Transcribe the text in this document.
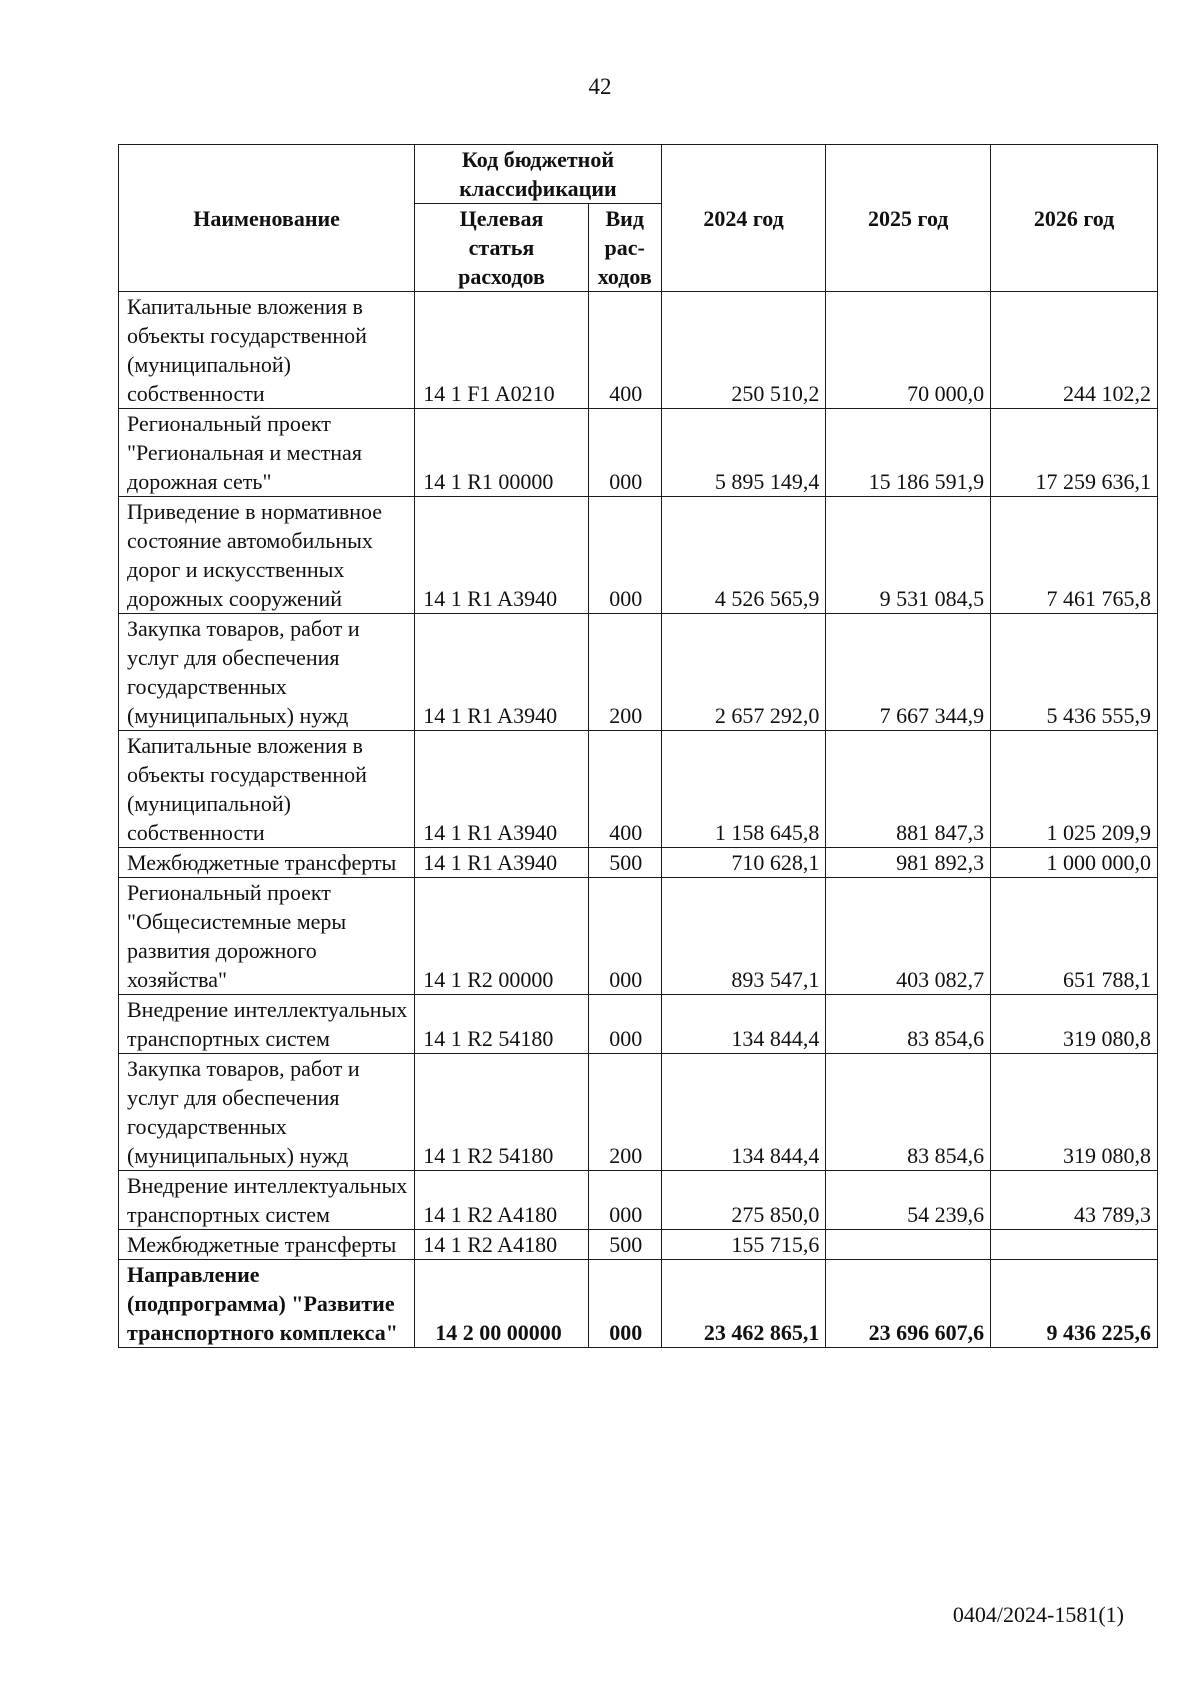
42
Наименование	Код бюджетной классификации		2024 год	2025 год	2026 год
	Целевая статья расходов	Вид рас-ходов			
Капитальные вложения в объекты государственной (муниципальной) собственности	14 1 F1 A0210	400	250 510,2	70 000,0	244 102,2
Региональный проект "Региональная и местная дорожная сеть"	14 1 R1 00000	000	5 895 149,4	15 186 591,9	17 259 636,1
Приведение в нормативное состояние автомобильных дорог и искусственных дорожных сооружений	14 1 R1 A3940	000	4 526 565,9	9 531 084,5	7 461 765,8
Закупка товаров, работ и услуг для обеспечения государственных (муниципальных) нужд	14 1 R1 A3940	200	2 657 292,0	7 667 344,9	5 436 555,9
Капитальные вложения в объекты государственной (муниципальной) собственности	14 1 R1 A3940	400	1 158 645,8	881 847,3	1 025 209,9
Межбюджетные трансферты	14 1 R1 A3940	500	710 628,1	981 892,3	1 000 000,0
Региональный проект "Общесистемные меры развития дорожного хозяйства"	14 1 R2 00000	000	893 547,1	403 082,7	651 788,1
Внедрение интеллектуальных транспортных систем	14 1 R2 54180	000	134 844,4	83 854,6	319 080,8
Закупка товаров, работ и услуг для обеспечения государственных (муниципальных) нужд	14 1 R2 54180	200	134 844,4	83 854,6	319 080,8
Внедрение интеллектуальных транспортных систем	14 1 R2 A4180	000	275 850,0	54 239,6	43 789,3
Межбюджетные трансферты	14 1 R2 A4180	500	155 715,6		
Направление (подпрограмма) "Развитие транспортного комплекса"	14 2 00 00000	000	23 462 865,1	23 696 607,6	9 436 225,6
0404/2024-1581(1)
